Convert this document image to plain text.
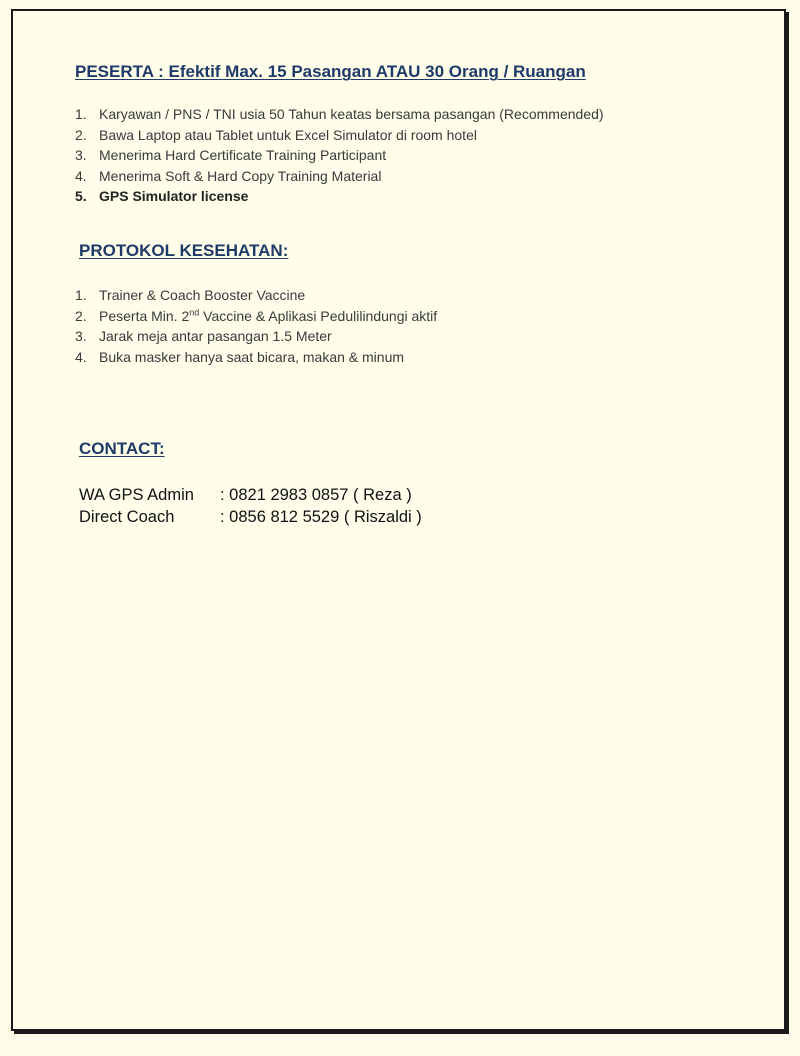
PESERTA : Efektif Max. 15 Pasangan ATAU 30 Orang / Ruangan
1. Karyawan / PNS / TNI usia 50 Tahun keatas bersama pasangan (Recommended)
2. Bawa Laptop atau Tablet untuk Excel Simulator di room hotel
3. Menerima Hard Certificate Training Participant
4. Menerima Soft & Hard Copy Training Material
5. GPS Simulator license
PROTOKOL KESEHATAN:
1. Trainer & Coach Booster Vaccine
2. Peserta Min. 2nd Vaccine & Aplikasi Pedulilindungi aktif
3. Jarak meja antar pasangan 1.5 Meter
4. Buka masker hanya saat bicara, makan & minum
CONTACT:
WA GPS Admin	: 0821 2983 0857 ( Reza )
Direct Coach	: 0856 812 5529 ( Riszaldi )
